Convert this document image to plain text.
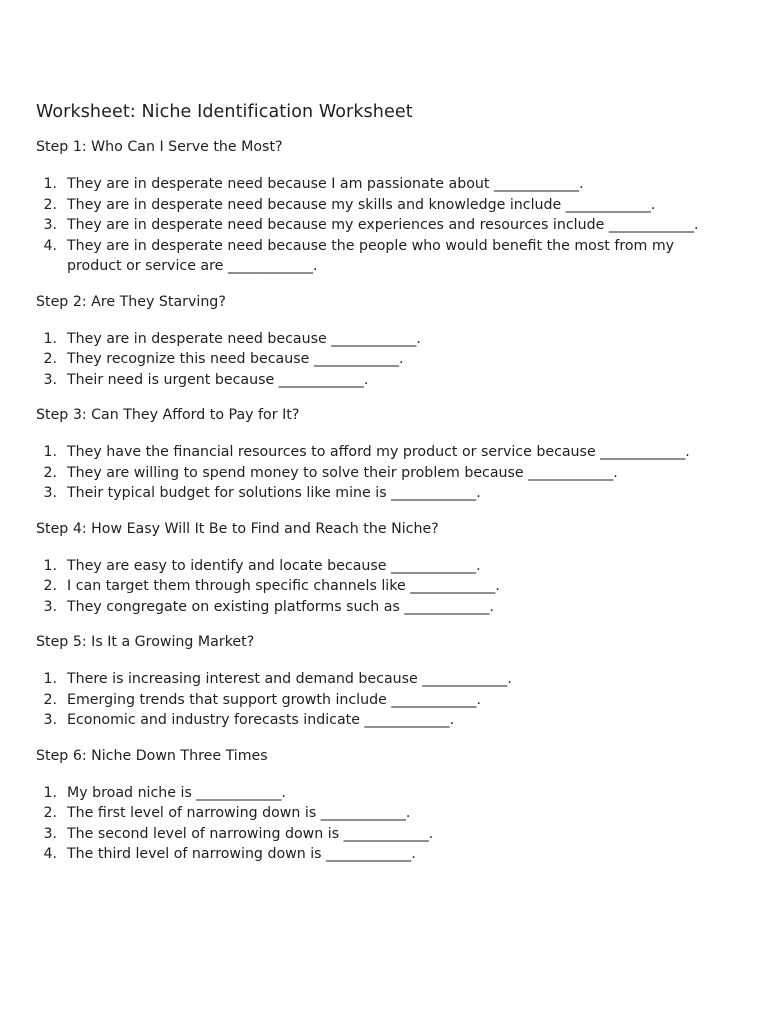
Worksheet: Niche Identification Worksheet
Step 1: Who Can I Serve the Most?
1. They are in desperate need because I am passionate about ____________.
2. They are in desperate need because my skills and knowledge include ____________.
3. They are in desperate need because my experiences and resources include ____________.
4. They are in desperate need because the people who would benefit the most from my product or service are ____________.
Step 2: Are They Starving?
1. They are in desperate need because ____________.
2. They recognize this need because ____________.
3. Their need is urgent because ____________.
Step 3: Can They Afford to Pay for It?
1. They have the financial resources to afford my product or service because ____________.
2. They are willing to spend money to solve their problem because ____________.
3. Their typical budget for solutions like mine is ____________.
Step 4: How Easy Will It Be to Find and Reach the Niche?
1. They are easy to identify and locate because ____________.
2. I can target them through specific channels like ____________.
3. They congregate on existing platforms such as ____________.
Step 5: Is It a Growing Market?
1. There is increasing interest and demand because ____________.
2. Emerging trends that support growth include ____________.
3. Economic and industry forecasts indicate ____________.
Step 6: Niche Down Three Times
1. My broad niche is ____________.
2. The first level of narrowing down is ____________.
3. The second level of narrowing down is ____________.
4. The third level of narrowing down is ____________.
